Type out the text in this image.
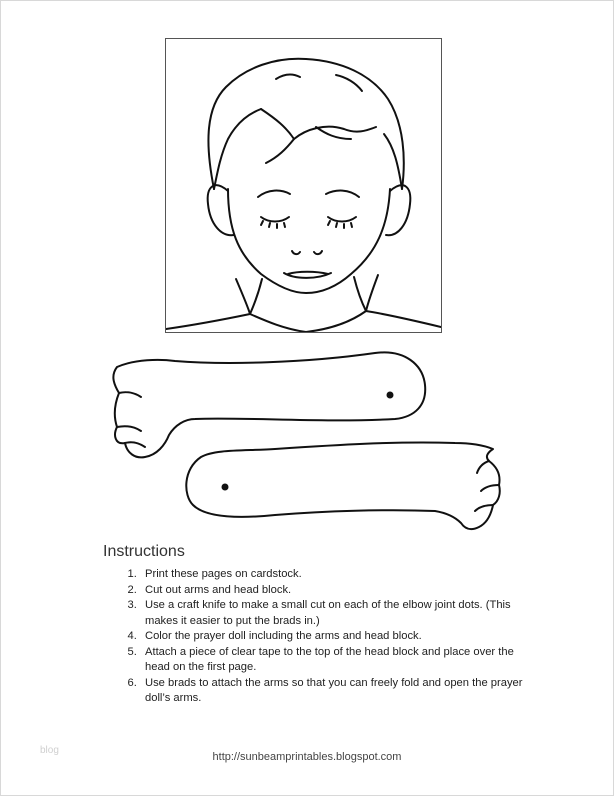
Instructions
1. Print these pages on cardstock.
2. Cut out arms and head block.
3. Use a craft knife to make a small cut on each of the elbow joint dots. (This makes it easier to put the brads in.)
4. Color the prayer doll including the arms and head block.
5. Attach a piece of clear tape to the top of the head block and place over the head on the first page.
6. Use brads to attach the arms so that you can freely fold and open the prayer doll’s arms.
blog
http://sunbeamprintables.blogspot.com
